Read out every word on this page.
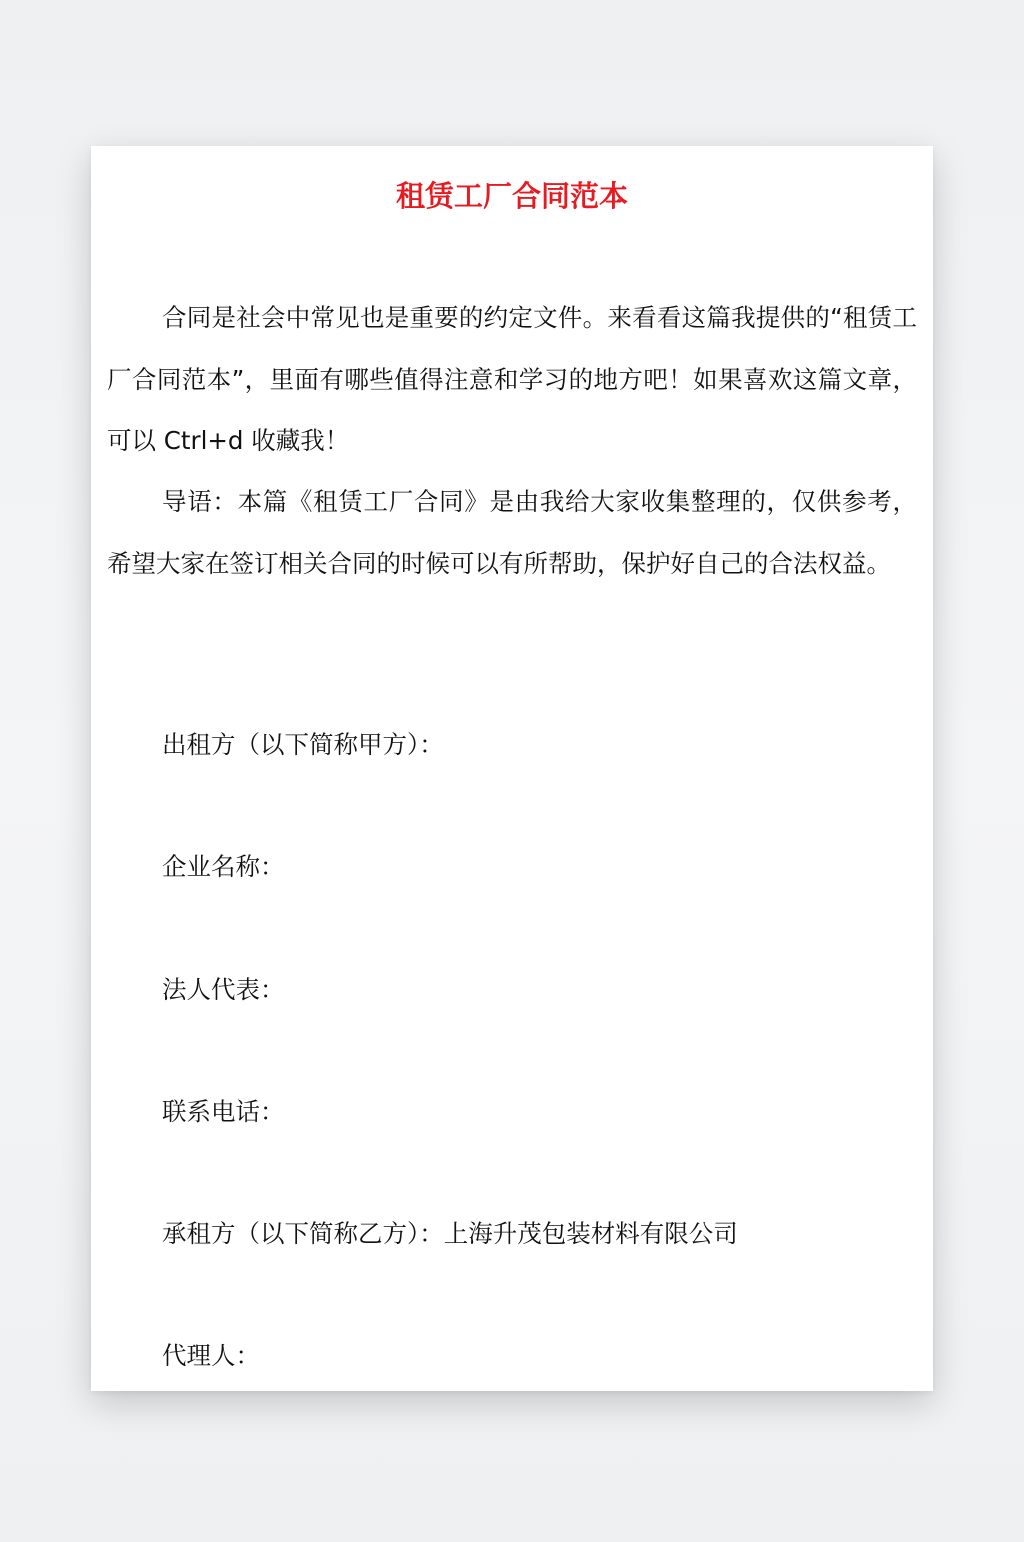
租赁工厂合同范本

合同是社会中常见也是重要的约定文件。来看看这篇我提供的“租赁工厂合同范本”，里面有哪些值得注意和学习的地方吧！如果喜欢这篇文章，可以 Ctrl+d 收藏我！

导语：本篇《租赁工厂合同》是由我给大家收集整理的，仅供参考，希望大家在签订相关合同的时候可以有所帮助，保护好自己的合法权益。

出租方（以下简称甲方）：
企业名称：
法人代表：
联系电话：
承租方（以下简称乙方）：上海升茂包装材料有限公司
代理人：
